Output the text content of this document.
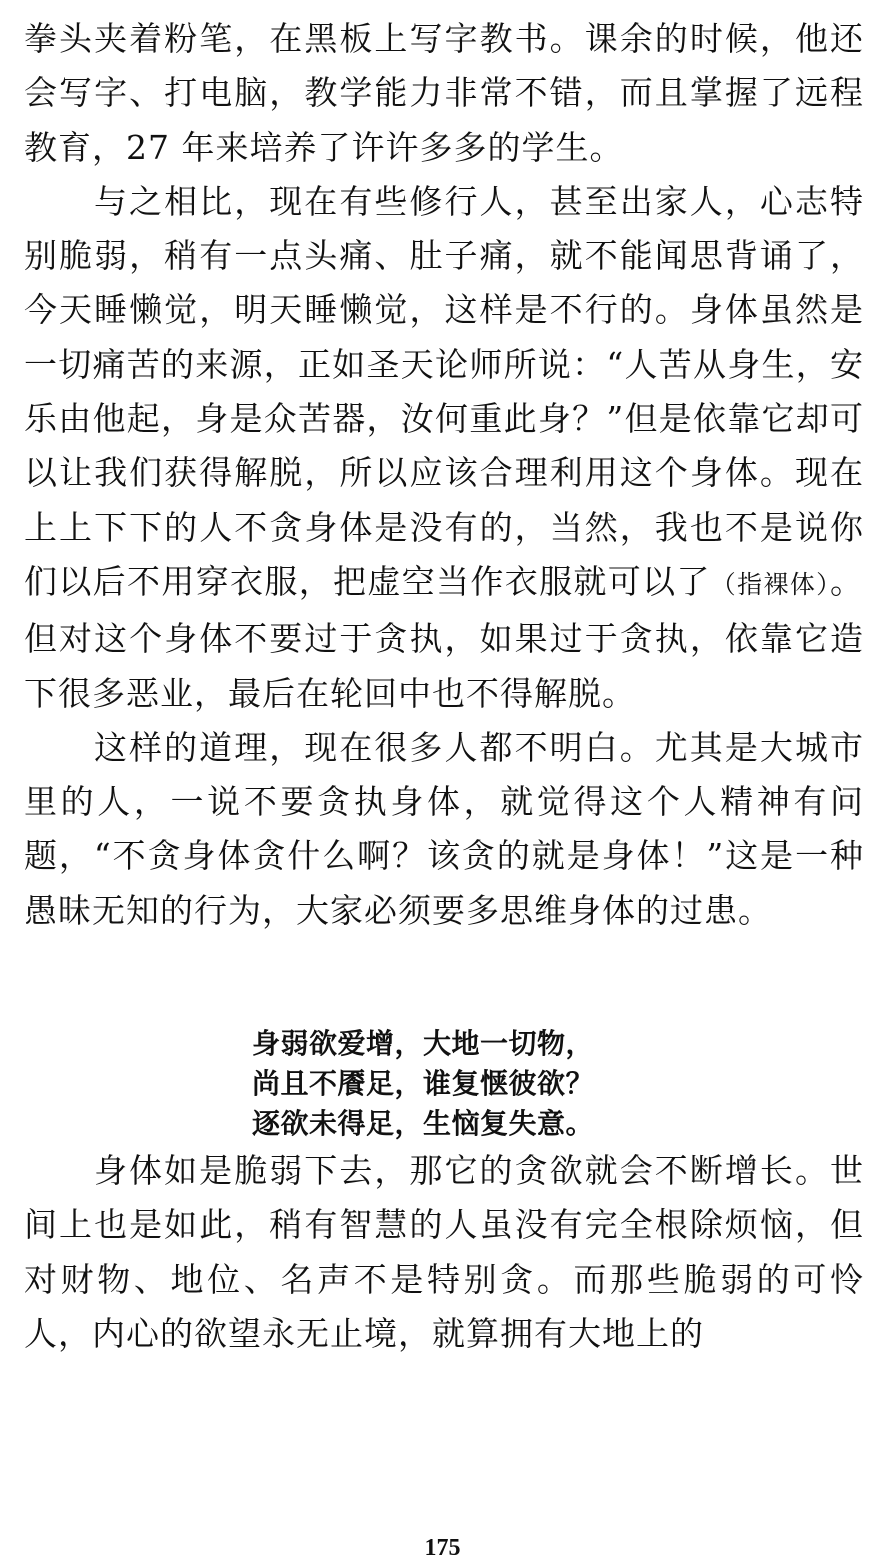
拳头夹着粉笔，在黑板上写字教书。课余的时候，他还会写字、打电脑，教学能力非常不错，而且掌握了远程教育，27 年来培养了许许多多的学生。

与之相比，现在有些修行人，甚至出家人，心志特别脆弱，稍有一点头痛、肚子痛，就不能闻思背诵了，今天睡懒觉，明天睡懒觉，这样是不行的。身体虽然是一切痛苦的来源，正如圣天论师所说：“人苦从身生，安乐由他起，身是众苦器，汝何重此身？”但是依靠它却可以让我们获得解脱，所以应该合理利用这个身体。现在上上下下的人不贪身体是没有的，当然，我也不是说你们以后不用穿衣服，把虚空当作衣服就可以了（指裸体）。但对这个身体不要过于贪执，如果过于贪执，依靠它造下很多恶业，最后在轮回中也不得解脱。

这样的道理，现在很多人都不明白。尤其是大城市里的人，一说不要贪执身体，就觉得这个人精神有问题，“不贪身体贪什么啊？该贪的就是身体！”这是一种愚昧无知的行为，大家必须要多思维身体的过患。

身弱欲爱增，大地一切物，
尚且不餍足，谁复惬彼欲？
逐欲未得足，生恼复失意。

身体如是脆弱下去，那它的贪欲就会不断增长。世间上也是如此，稍有智慧的人虽没有完全根除烦恼，但对财物、地位、名声不是特别贪。而那些脆弱的可怜人，内心的欲望永无止境，就算拥有大地上的

175
